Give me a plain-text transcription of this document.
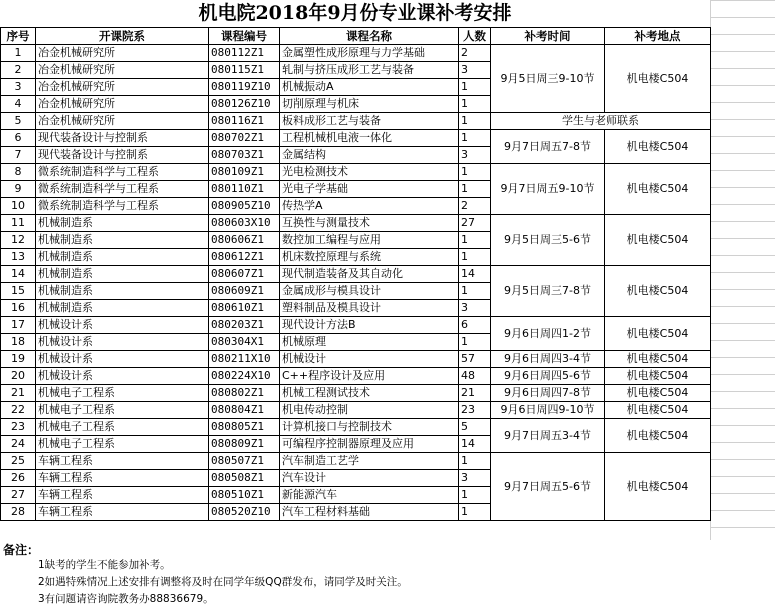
机电院2018年9月份专业课补考安排
序号	开课院系	课程编号	课程名称	人数	补考时间	补考地点
1	冶金机械研究所	080112Z1	金属塑性成形原理与力学基础	2	9月5日周三9-10节	机电楼C504
2	冶金机械研究所	080115Z1	轧制与挤压成形工艺与装备	3		
3	冶金机械研究所	080119Z10	机械振动A	1		
4	冶金机械研究所	080126Z10	切削原理与机床	1		
5	冶金机械研究所	080116Z1	板料成形工艺与装备	1	学生与老师联系	
6	现代装备设计与控制系	080702Z1	工程机械机电液一体化	1	9月7日周五7-8节	机电楼C504
7	现代装备设计与控制系	080703Z1	金属结构	3		
8	微系统制造科学与工程系	080109Z1	光电检测技术	1	9月7日周五9-10节	机电楼C504
9	微系统制造科学与工程系	080110Z1	光电子学基础	1		
10	微系统制造科学与工程系	080905Z10	传热学A	2		
11	机械制造系	080603X10	互换性与测量技术	27	9月5日周三5-6节	机电楼C504
12	机械制造系	080606Z1	数控加工编程与应用	1		
13	机械制造系	080612Z1	机床数控原理与系统	1		
14	机械制造系	080607Z1	现代制造装备及其自动化	14	9月5日周三7-8节	机电楼C504
15	机械制造系	080609Z1	金属成形与模具设计	1		
16	机械制造系	080610Z1	塑料制品及模具设计	3		
17	机械设计系	080203Z1	现代设计方法B	6	9月6日周四1-2节	机电楼C504
18	机械设计系	080304X1	机械原理	1		
19	机械设计系	080211X10	机械设计	57	9月6日周四3-4节	机电楼C504
20	机械设计系	080224X10	C++程序设计及应用	48	9月6日周四5-6节	机电楼C504
21	机械电子工程系	080802Z1	机械工程测试技术	21	9月6日周四7-8节	机电楼C504
22	机械电子工程系	080804Z1	机电传动控制	23	9月6日周四9-10节	机电楼C504
23	机械电子工程系	080805Z1	计算机接口与控制技术	5	9月7日周五3-4节	机电楼C504
24	机械电子工程系	080809Z1	可编程序控制器原理及应用	14		
25	车辆工程系	080507Z1	汽车制造工艺学	1	9月7日周五5-6节	机电楼C504
26	车辆工程系	080508Z1	汽车设计	3		
27	车辆工程系	080510Z1	新能源汽车	1		
28	车辆工程系	080520Z10	汽车工程材料基础	1		
备注：
1缺考的学生不能参加补考。
2如遇特殊情况上述安排有调整将及时在同学年级QQ群发布，请同学及时关注。
3有问题请咨询院教务办88836679。
